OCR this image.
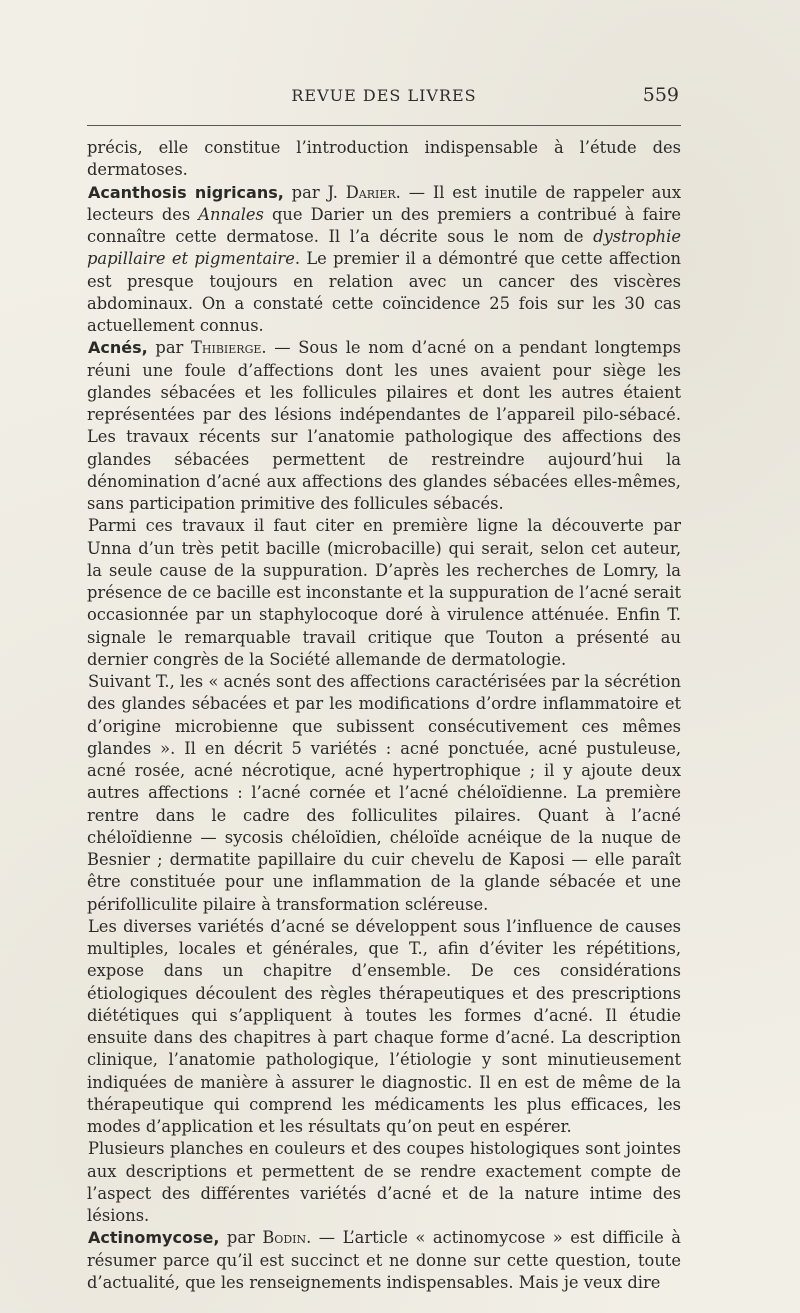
REVUE DES LIVRES	559

précis, elle constitue l’introduction indispensable à l’étude des dermatoses.

Acanthosis nigricans, par J. Darier. — Il est inutile de rappeler aux lecteurs des Annales que Darier un des premiers a contribué à faire connaître cette dermatose. Il l’a décrite sous le nom de dystrophie papillaire et pigmentaire. Le premier il a démontré que cette affection est presque toujours en relation avec un cancer des viscères abdominaux. On a constaté cette coïncidence 25 fois sur les 30 cas actuellement connus.

Acnés, par Thibierge. — Sous le nom d’acné on a pendant longtemps réuni une foule d’affections dont les unes avaient pour siège les glandes sébacées et les follicules pilaires et dont les autres étaient représentées par des lésions indépendantes de l’appareil pilo-sébacé. Les travaux récents sur l’anatomie pathologique des affections des glandes sébacées permettent de restreindre aujourd’hui la dénomination d’acné aux affections des glandes sébacées elles-mêmes, sans participation primitive des follicules sébacés.

Parmi ces travaux il faut citer en première ligne la découverte par Unna d’un très petit bacille (microbacille) qui serait, selon cet auteur, la seule cause de la suppuration. D’après les recherches de Lomry, la présence de ce bacille est inconstante et la suppuration de l’acné serait occasionnée par un staphylocoque doré à virulence atténuée. Enfin T. signale le remarquable travail critique que Touton a présenté au dernier congrès de la Société allemande de dermatologie.

Suivant T., les « acnés sont des affections caractérisées par la sécrétion des glandes sébacées et par les modifications d’ordre inflammatoire et d’origine microbienne que subissent consécutivement ces mêmes glandes ». Il en décrit 5 variétés : acné ponctuée, acné pustuleuse, acné rosée, acné nécrotique, acné hypertrophique ; il y ajoute deux autres affections : l’acné cornée et l’acné chéloïdienne. La première rentre dans le cadre des folliculites pilaires. Quant à l’acné chéloïdienne — sycosis chéloïdien, chéloïde acnéique de la nuque de Besnier ; dermatite papillaire du cuir chevelu de Kaposi — elle paraît être constituée pour une inflammation de la glande sébacée et une périfolliculite pilaire à transformation scléreuse.

Les diverses variétés d’acné se développent sous l’influence de causes multiples, locales et générales, que T., afin d’éviter les répétitions, expose dans un chapitre d’ensemble. De ces considérations étiologiques découlent des règles thérapeutiques et des prescriptions diététiques qui s’appliquent à toutes les formes d’acné. Il étudie ensuite dans des chapitres à part chaque forme d’acné. La description clinique, l’anatomie pathologique, l’étiologie y sont minutieusement indiquées de manière à assurer le diagnostic. Il en est de même de la thérapeutique qui comprend les médicaments les plus efficaces, les modes d’application et les résultats qu’on peut en espérer.

Plusieurs planches en couleurs et des coupes histologiques sont jointes aux descriptions et permettent de se rendre exactement compte de l’aspect des différentes variétés d’acné et de la nature intime des lésions.

Actinomycose, par Bodin. — L’article « actinomycose » est difficile à résumer parce qu’il est succinct et ne donne sur cette question, toute d’actualité, que les renseignements indispensables. Mais je veux dire
